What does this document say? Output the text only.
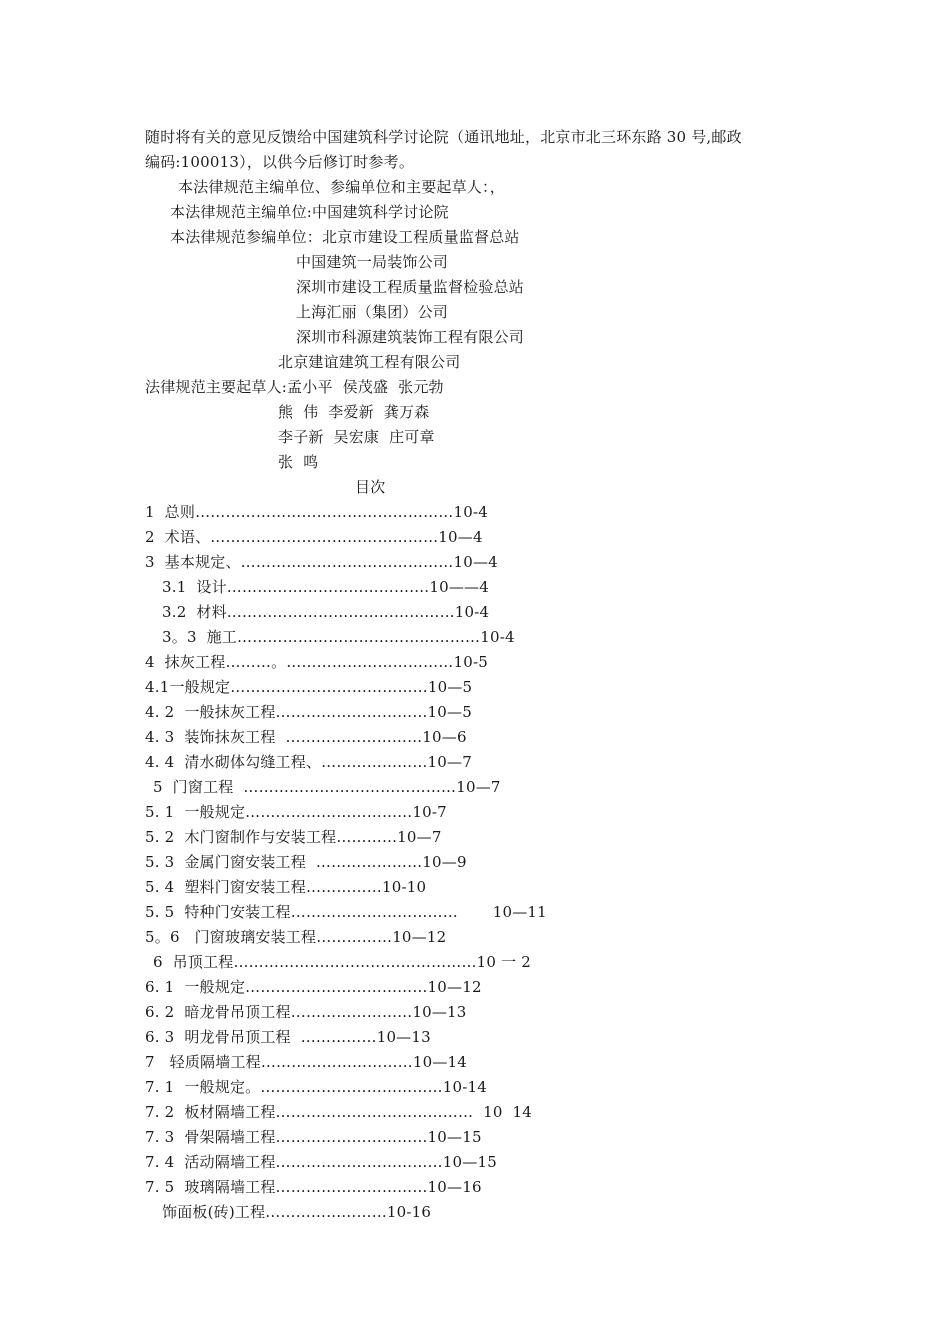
随时将有关的意见反馈给中国建筑科学讨论院（通讯地址，北京市北三环东路 30 号,邮政
编码:100013），以供今后修订时参考。
本法律规范主编单位、参编单位和主要起草人：，
本法律规范主编单位:中国建筑科学讨论院
本法律规范参编单位：北京市建设工程质量监督总站
中国建筑一局装饰公司
深圳市建设工程质量监督检验总站
上海汇丽（集团）公司
深圳市科源建筑装饰工程有限公司
北京建谊建筑工程有限公司
法律规范主要起草人:孟小平  侯茂盛  张元勃
熊  伟  李爱新  龚万森
李子新  吴宏康  庄可章
张  鸣
目次
1  总则……………………………………………10-4
2  术语、………………………………………10—4
3  基本规定、……………………………………10—4
3.1  设计……………………………….…10——4
3.2  材料………………………………………10-4
3。3  施工…………………………………………10-4
4  抹灰工程………。……………………………10-5
4.1一般规定…………………………………10—5
4. 2  一般抹灰工程…………………………10—5
4. 3  装饰抹灰工程  ………………………10—6
4. 4  清水砌体勾缝工程、…………………10—7
5  门窗工程  ……………………………………10—7
5. 1  一般规定……………………………10-7
5. 2  木门窗制作与安装工程…………10—7
5. 3  金属门窗安装工程  …………………10—9
5. 4  塑料门窗安装工程……………10-10
5. 5  特种门安装工程……………………………       10—11
5。6   门窗玻璃安装工程……………10—12
6  吊顶工程…………………………………………10 一 2
6. 1  一般规定………………………………10—12
6. 2  暗龙骨吊顶工程……………………10—13
6. 3  明龙骨吊顶工程  ……………10—13
7   轻质隔墙工程…………………………10—14
7. 1  一般规定。………………………………10-14
7. 2  板材隔墙工程…………………………………  10  14
7. 3  骨架隔墙工程…………………………10—15
7. 4  活动隔墙工程……………………………10—15
7. 5  玻璃隔墙工程…………………………10—16
饰面板(砖)工程……………………10-16
